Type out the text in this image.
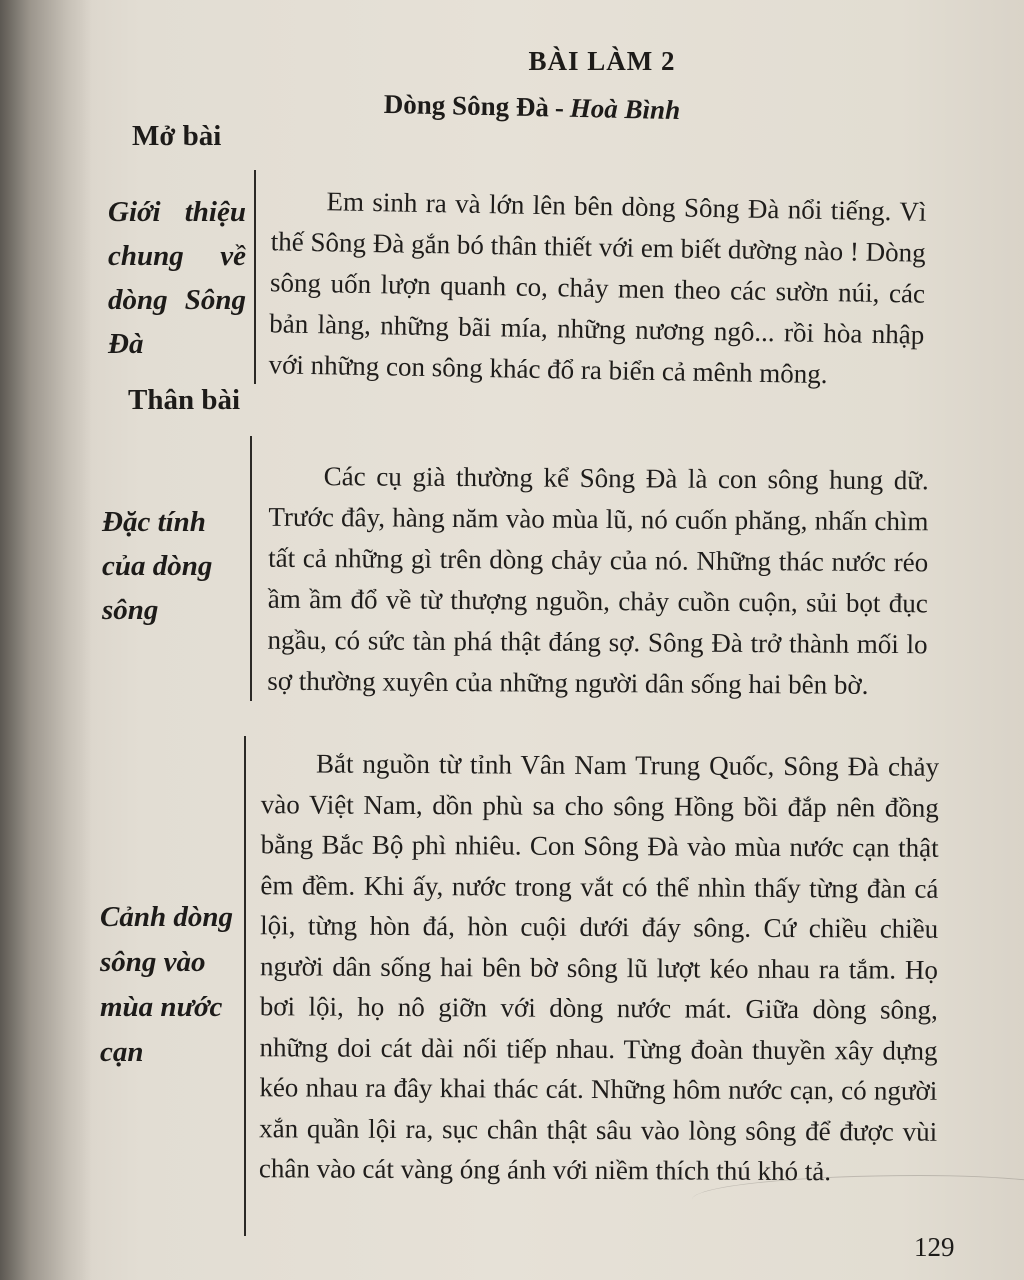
BÀI LÀM 2
Dòng Sông Đà - Hoà Bình
Mở bài
Giới thiệu chung về dòng Sông Đà

Em sinh ra và lớn lên bên dòng Sông Đà nổi tiếng. Vì thế Sông Đà gắn bó thân thiết với em biết dường nào ! Dòng sông uốn lượn quanh co, chảy men theo các sườn núi, các bản làng, những bãi mía, những nương ngô... rồi hòa nhập với những con sông khác đổ ra biển cả mênh mông.

Thân bài
Đặc tính của dòng sông

Các cụ già thường kể Sông Đà là con sông hung dữ. Trước đây, hàng năm vào mùa lũ, nó cuốn phăng, nhấn chìm tất cả những gì trên dòng chảy của nó. Những thác nước réo ầm ầm đổ về từ thượng nguồn, chảy cuồn cuộn, sủi bọt đục ngầu, có sức tàn phá thật đáng sợ. Sông Đà trở thành mối lo sợ thường xuyên của những người dân sống hai bên bờ.

Cảnh dòng sông vào mùa nước cạn

Bắt nguồn từ tỉnh Vân Nam Trung Quốc, Sông Đà chảy vào Việt Nam, dồn phù sa cho sông Hồng bồi đắp nên đồng bằng Bắc Bộ phì nhiêu. Con Sông Đà vào mùa nước cạn thật êm đềm. Khi ấy, nước trong vắt có thể nhìn thấy từng đàn cá lội, từng hòn đá, hòn cuội dưới đáy sông. Cứ chiều chiều người dân sống hai bên bờ sông lũ lượt kéo nhau ra tắm. Họ bơi lội, họ nô giỡn với dòng nước mát. Giữa dòng sông, những doi cát dài nối tiếp nhau. Từng đoàn thuyền xây dựng kéo nhau ra đây khai thác cát. Những hôm nước cạn, có người xắn quần lội ra, sục chân thật sâu vào lòng sông để được vùi chân vào cát vàng óng ánh với niềm thích thú khó tả.

129
